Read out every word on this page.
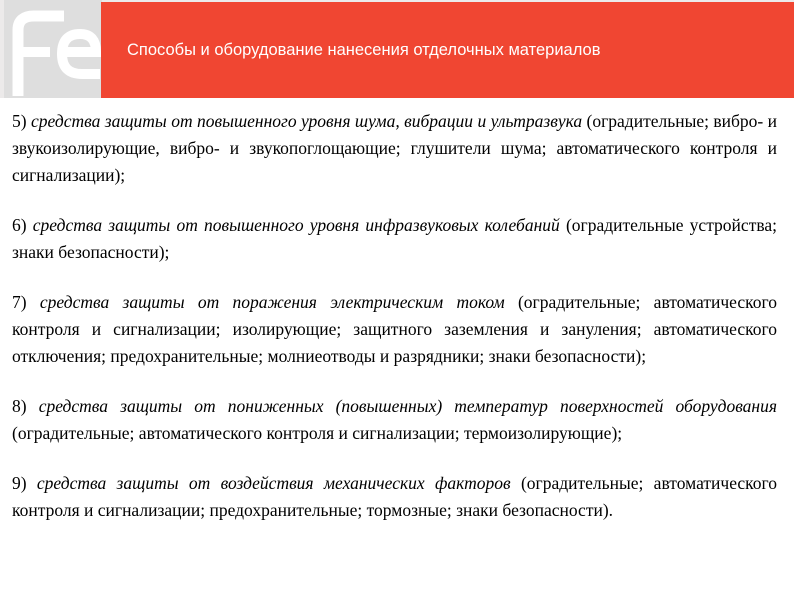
Способы и оборудование нанесения отделочных материалов

5) средства защиты от повышенного уровня шума, вибрации и ультразвука (оградительные; вибро- и звукоизолирующие, вибро- и звукопоглощающие; глушители шума; автоматического контроля и сигнализации);

6) средства защиты от повышенного уровня инфразвуковых колебаний (оградительные устройства; знаки безопасности);

7) средства защиты от поражения электрическим током (оградительные; автоматического контроля и сигнализации; изолирующие; защитного заземления и зануления; автоматического отключения; предохранительные; молниеотводы и разрядники; знаки безопасности);

8) средства защиты от пониженных (повышенных) температур поверхностей оборудования (оградительные; автоматического контроля и сигнализации; термоизолирующие);

9) средства защиты от воздействия механических факторов (оградительные; автоматического контроля и сигнализации; предохранительные; тормозные; знаки безопасности).
